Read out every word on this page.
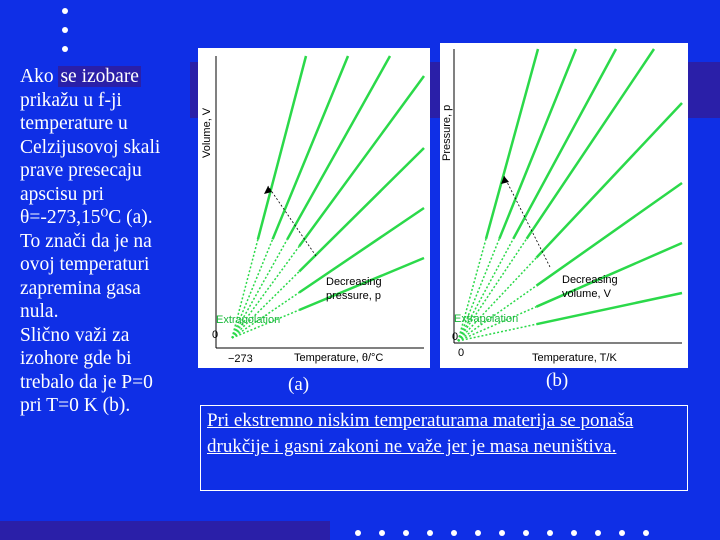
Ako se izobare
prikažu u f-ji
temperature u
Celzijusovoj skali
prave presecaju
apscisu pri
θ=-273,15⁰C (a).
To znači da je na
ovoj temperaturi
zapremina gasa
nula.
Slično važi za
izohore gde bi
trebalo da je P=0
pri T=0 K (b).
Volume, V
Temperature, θ/°C
−273
0
Decreasing
pressure, p
Extrapolation
Pressure, p
Temperature, T/K
0
0
Decreasing
volume, V
Extrapolation
(a)	(b)
Pri ekstremno niskim temperaturama materija se ponaša drukčije i gasni zakoni ne važe jer je masa neuništiva.
